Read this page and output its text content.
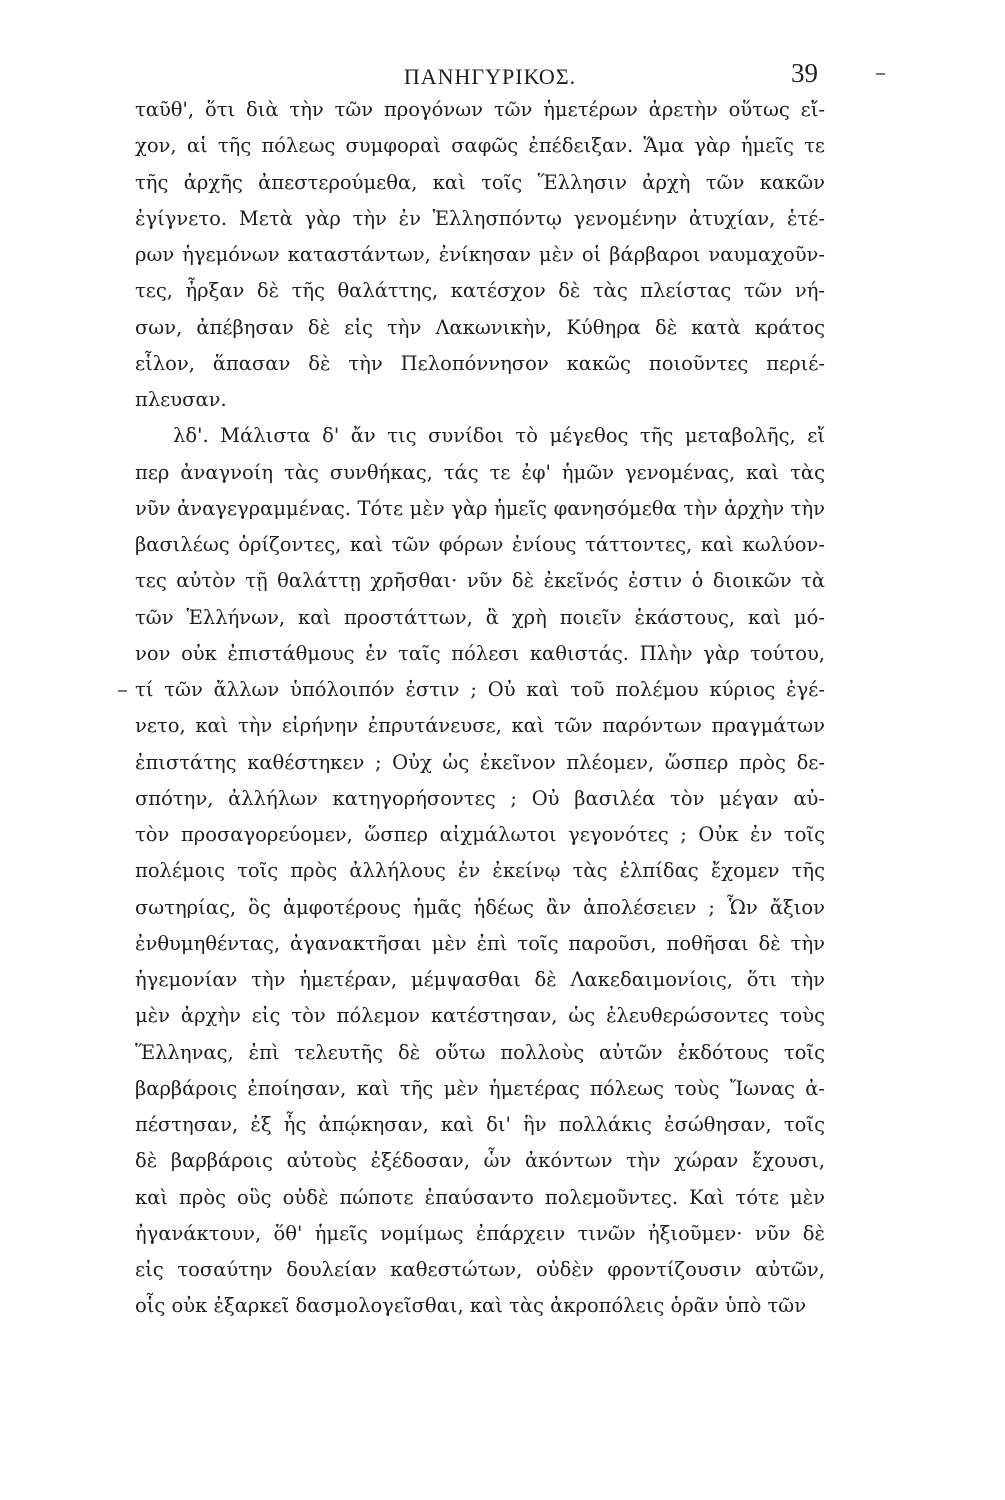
ΠΑΝΗΓΥΡΙΚΟΣ.	39
ταῦθ', ὅτι διὰ τὴν τῶν προγόνων τῶν ἡμετέρων ἀρετὴν οὕτως εἴ-
χον, αἱ τῆς πόλεως συμφοραὶ σαφῶς ἐπέδειξαν. Ἅμα γὰρ ἡμεῖς τε
τῆς ἀρχῆς ἀπεστερούμεθα, καὶ τοῖς Ἕλλησιν ἀρχὴ τῶν κακῶν
ἐγίγνετο. Μετὰ γὰρ τὴν ἐν Ἑλλησπόντῳ γενομένην ἀτυχίαν, ἑτέ-
ρων ἡγεμόνων καταστάντων, ἐνίκησαν μὲν οἱ βάρβαροι ναυμαχοῦν-
τες, ἦρξαν δὲ τῆς θαλάττης, κατέσχον δὲ τὰς πλείστας τῶν νή-
σων, ἀπέβησαν δὲ εἰς τὴν Λακωνικὴν, Κύθηρα δὲ κατὰ κράτος
εἷλον, ἅπασαν δὲ τὴν Πελοπόννησον κακῶς ποιοῦντες περιέ-
πλευσαν.
λδ'. Μάλιστα δ' ἄν τις συνίδοι τὸ μέγεθος τῆς μεταβολῆς, εἴ
περ ἀναγνοίη τὰς συνθήκας, τάς τε ἐφ' ἡμῶν γενομένας, καὶ τὰς
νῦν ἀναγεγραμμένας. Τότε μὲν γὰρ ἡμεῖς φανησόμεθα τὴν ἀρχὴν τὴν
βασιλέως ὁρίζοντες, καὶ τῶν φόρων ἐνίους τάττοντες, καὶ κωλύον-
τες αὐτὸν τῇ θαλάττῃ χρῆσθαι· νῦν δὲ ἐκεῖνός ἐστιν ὁ διοικῶν τὰ
τῶν Ἑλλήνων, καὶ προστάττων, ἃ χρὴ ποιεῖν ἑκάστους, καὶ μό-
νον οὐκ ἐπιστάθμους ἐν ταῖς πόλεσι καθιστάς. Πλὴν γὰρ τούτου,
τί τῶν ἄλλων ὑπόλοιπόν ἐστιν ; Οὐ καὶ τοῦ πολέμου κύριος ἐγέ-
νετο, καὶ τὴν εἰρήνην ἐπρυτάνευσε, καὶ τῶν παρόντων πραγμάτων
ἐπιστάτης καθέστηκεν ; Οὐχ ὡς ἐκεῖνον πλέομεν, ὥσπερ πρὸς δε-
σπότην, ἀλλήλων κατηγορήσοντες ; Οὐ βασιλέα τὸν μέγαν αὐ-
τὸν προσαγορεύομεν, ὥσπερ αἰχμάλωτοι γεγονότες ; Οὐκ ἐν τοῖς
πολέμοις τοῖς πρὸς ἀλλήλους ἐν ἐκείνῳ τὰς ἐλπίδας ἔχομεν τῆς
σωτηρίας, ὃς ἀμφοτέρους ἡμᾶς ἡδέως ἂν ἀπολέσειεν ; Ὧν ἄξιον
ἐνθυμηθέντας, ἀγανακτῆσαι μὲν ἐπὶ τοῖς παροῦσι, ποθῆσαι δὲ τὴν
ἡγεμονίαν τὴν ἡμετέραν, μέμψασθαι δὲ Λακεδαιμονίοις, ὅτι τὴν
μὲν ἀρχὴν εἰς τὸν πόλεμον κατέστησαν, ὡς ἐλευθερώσοντες τοὺς
Ἕλληνας, ἐπὶ τελευτῆς δὲ οὕτω πολλοὺς αὐτῶν ἐκδότους τοῖς
βαρβάροις ἐποίησαν, καὶ τῆς μὲν ἡμετέρας πόλεως τοὺς Ἴωνας ἀ-
πέστησαν, ἐξ ἧς ἀπῴκησαν, καὶ δι' ἣν πολλάκις ἐσώθησαν, τοῖς
δὲ βαρβάροις αὐτοὺς ἐξέδοσαν, ὧν ἀκόντων τὴν χώραν ἔχουσι,
καὶ πρὸς οὓς οὐδὲ πώποτε ἐπαύσαντο πολεμοῦντες. Καὶ τότε μὲν
ἠγανάκτουν, ὅθ' ἡμεῖς νομίμως ἐπάρχειν τινῶν ἠξιοῦμεν· νῦν δὲ
εἰς τοσαύτην δουλείαν καθεστώτων, οὐδὲν φροντίζουσιν αὐτῶν,
οἷς οὐκ ἐξαρκεῖ δασμολογεῖσθαι, καὶ τὰς ἀκροπόλεις ὁρᾶν ὑπὸ τῶν
